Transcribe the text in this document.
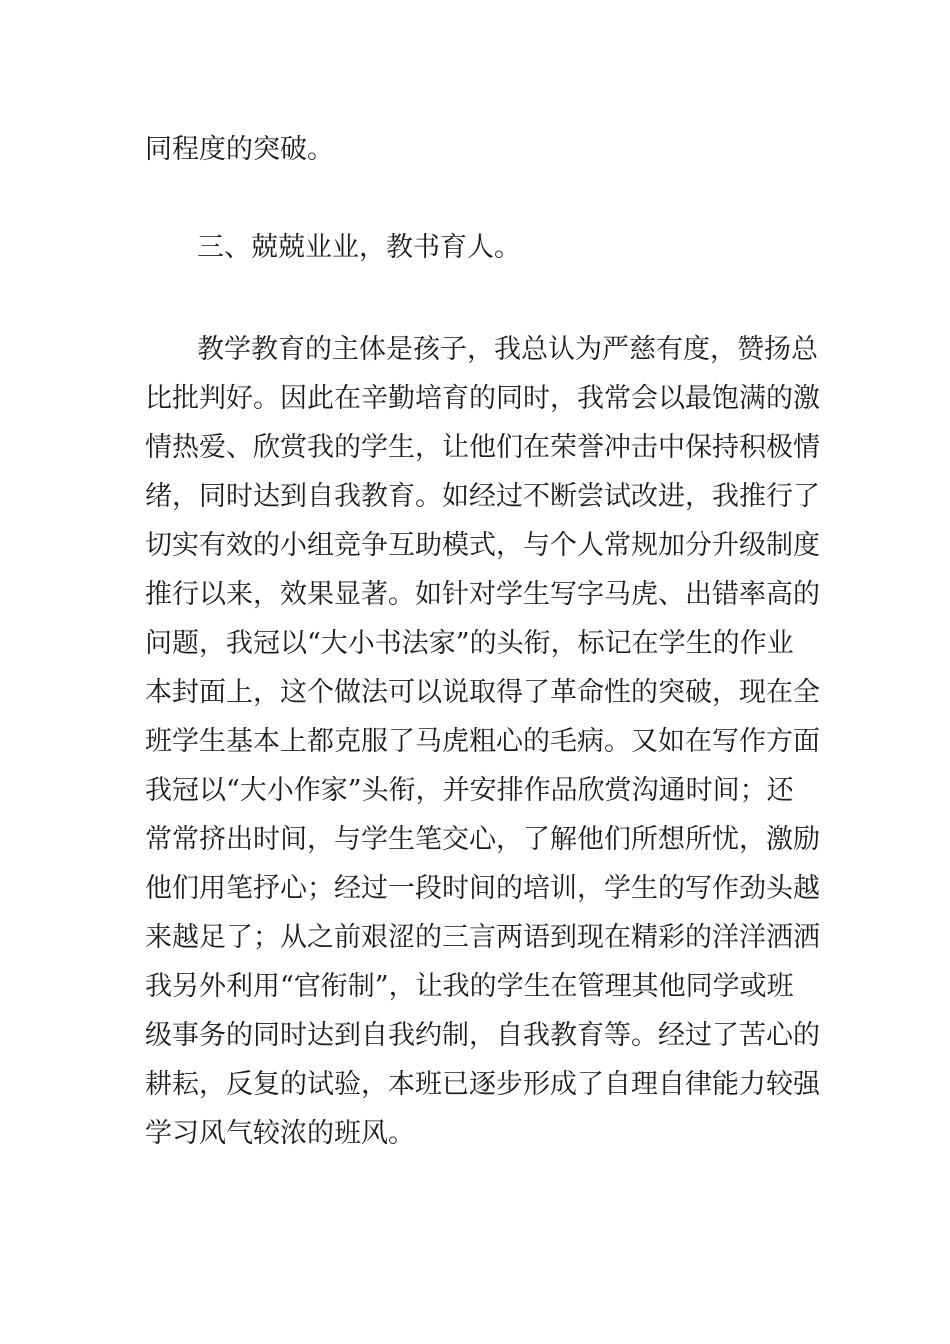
同程度的突破。

三、兢兢业业，教书育人。

教学教育的主体是孩子，我总认为严慈有度，赞扬总

比批判好。因此在辛勤培育的同时，我常会以最饱满的激

情热爱、欣赏我的学生，让他们在荣誉冲击中保持积极情

绪，同时达到自我教育。如经过不断尝试改进，我推行了

切实有效的小组竞争互助模式，与个人常规加分升级制度

推行以来，效果显著。如针对学生写字马虎、出错率高的

问题，我冠以“大小书法家”的头衔，标记在学生的作业

本封面上，这个做法可以说取得了革命性的突破，现在全

班学生基本上都克服了马虎粗心的毛病。又如在写作方面

我冠以“大小作家”头衔，并安排作品欣赏沟通时间；还

常常挤出时间，与学生笔交心，了解他们所想所忧，激励

他们用笔抒心；经过一段时间的培训，学生的写作劲头越

来越足了；从之前艰涩的三言两语到现在精彩的洋洋洒洒

我另外利用“官衔制”，让我的学生在管理其他同学或班

级事务的同时达到自我约制，自我教育等。经过了苦心的

耕耘，反复的试验，本班已逐步形成了自理自律能力较强

学习风气较浓的班风。
